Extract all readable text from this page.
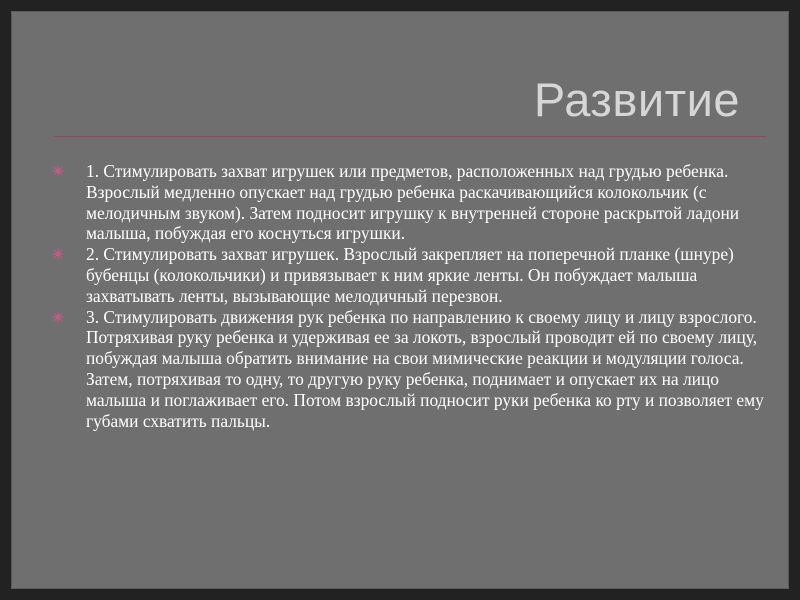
Развитие
1. Стимулировать захват игрушек или предметов, расположенных над грудью ребенка. Взрослый медленно опускает над грудью ребенка раскачивающийся колокольчик (с мелодичным звуком). Затем подносит игрушку к внутренней стороне раскрытой ладони малыша, побуждая его коснуться игрушки.
2. Стимулировать захват игрушек. Взрослый закрепляет на поперечной планке (шнуре) бубенцы (колокольчики) и привязывает к ним яркие ленты. Он побуждает малыша захватывать ленты, вызывающие мелодичный перезвон.
3. Стимулировать движения рук ребенка по направлению к своему лицу и лицу взрослого. Потряхивая руку ребенка и удерживая ее за локоть, взрослый проводит ей по своему лицу, побуждая малыша обратить внимание на свои мимические реакции и модуляции голоса. Затем, потряхивая то одну, то другую руку ребенка, поднимает и опускает их на лицо малыша и поглаживает его. Потом взрослый подносит руки ребенка ко рту и позволяет ему губами схватить пальцы.
